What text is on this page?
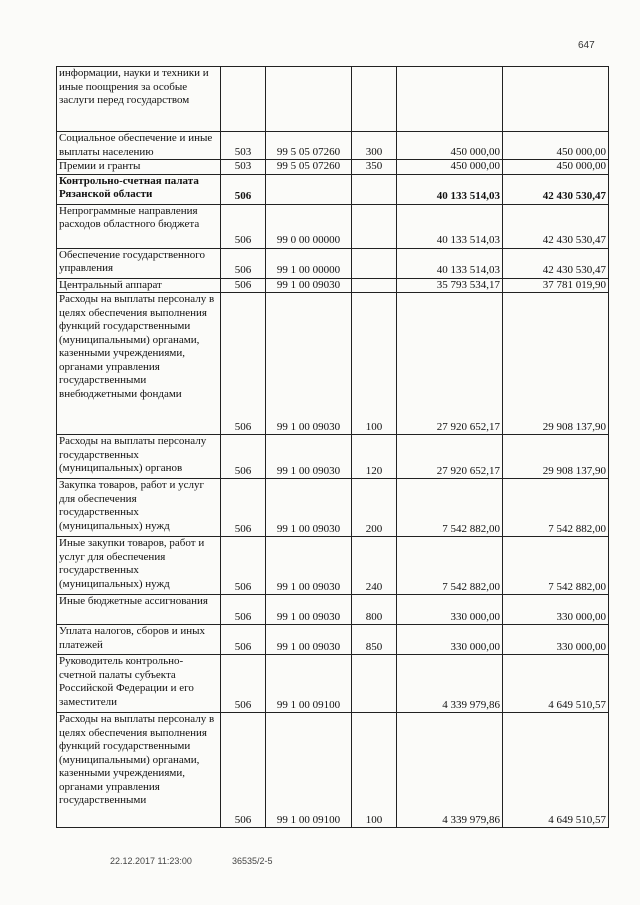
647
информации, науки и техники и иные поощрения за особые заслуги перед государством					
Социальное обеспечение и иные выплаты населению	503	99 5 05 07260	300	450 000,00	450 000,00
Премии и гранты	503	99 5 05 07260	350	450 000,00	450 000,00
Контрольно-счетная палата Рязанской области	506			40 133 514,03	42 430 530,47
Непрограммные направления расходов областного бюджета	506	99 0 00 00000		40 133 514,03	42 430 530,47
Обеспечение государственного управления	506	99 1 00 00000		40 133 514,03	42 430 530,47
Центральный аппарат	506	99 1 00 09030		35 793 534,17	37 781 019,90
Расходы на выплаты персоналу в целях обеспечения выполнения функций государственными (муниципальными) органами, казенными учреждениями, органами управления государственными внебюджетными фондами	506	99 1 00 09030	100	27 920 652,17	29 908 137,90
Расходы на выплаты персоналу государственных (муниципальных) органов	506	99 1 00 09030	120	27 920 652,17	29 908 137,90
Закупка товаров, работ и услуг для обеспечения государственных (муниципальных) нужд	506	99 1 00 09030	200	7 542 882,00	7 542 882,00
Иные закупки товаров, работ и услуг для обеспечения государственных (муниципальных) нужд	506	99 1 00 09030	240	7 542 882,00	7 542 882,00
Иные бюджетные ассигнования	506	99 1 00 09030	800	330 000,00	330 000,00
Уплата налогов, сборов и иных платежей	506	99 1 00 09030	850	330 000,00	330 000,00
Руководитель контрольно-счетной палаты субъекта Российской Федерации и его заместители	506	99 1 00 09100		4 339 979,86	4 649 510,57
Расходы на выплаты персоналу в целях обеспечения выполнения функций государственными (муниципальными) органами, казенными учреждениями, органами управления государственными	506	99 1 00 09100	100	4 339 979,86	4 649 510,57
22.12.2017 11:23:00	36535/2-5
